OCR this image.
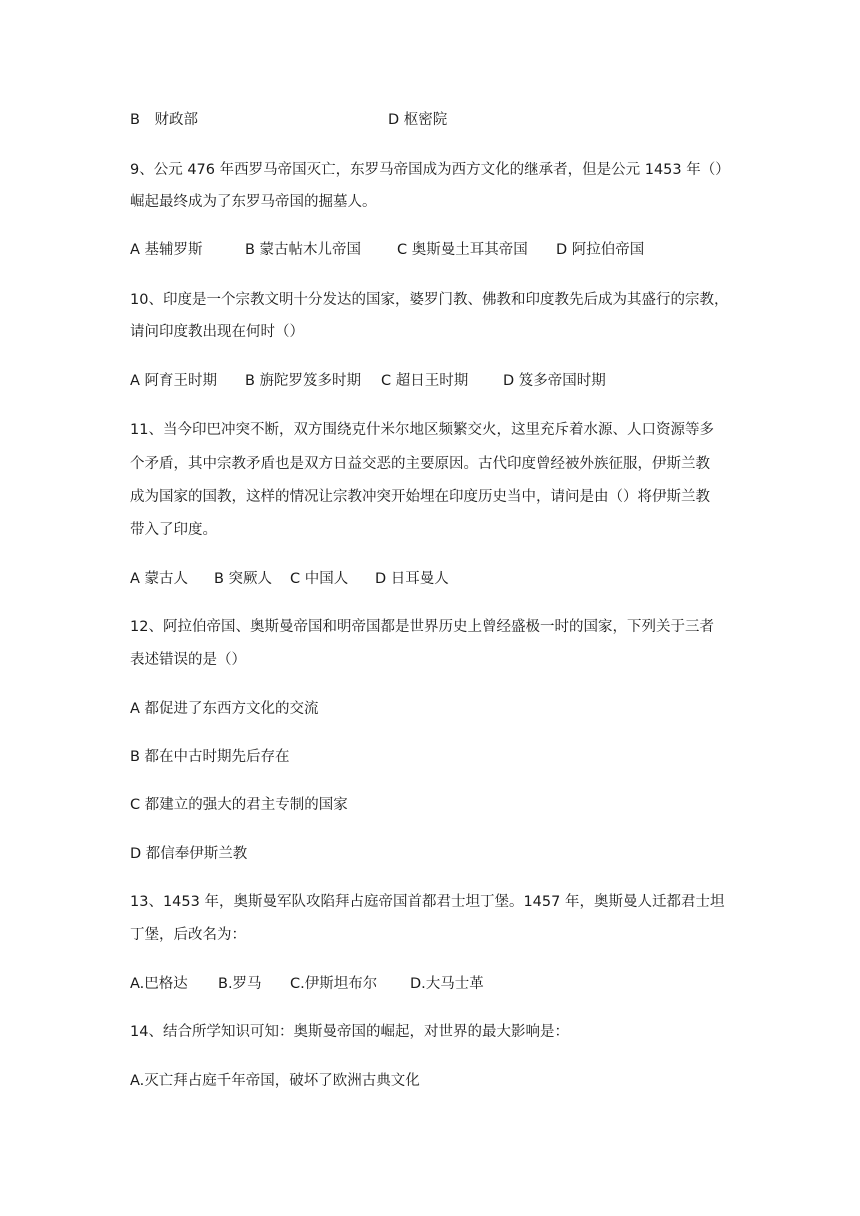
B　财政部	D 枢密院
9、公元 476 年西罗马帝国灭亡，东罗马帝国成为西方文化的继承者，但是公元 1453 年（）
崛起最终成为了东罗马帝国的掘墓人。
A 基辅罗斯	B 蒙古帖木儿帝国 C 奥斯曼土耳其帝国 D 阿拉伯帝国
10、印度是一个宗教文明十分发达的国家，婆罗门教、佛教和印度教先后成为其盛行的宗教，
请问印度教出现在何时（）
A 阿育王时期 B 旃陀罗笈多时期 C 超日王时期 D 笈多帝国时期
11、当今印巴冲突不断，双方围绕克什米尔地区频繁交火，这里充斥着水源、人口资源等多
个矛盾，其中宗教矛盾也是双方日益交恶的主要原因。古代印度曾经被外族征服，伊斯兰教
成为国家的国教，这样的情况让宗教冲突开始埋在印度历史当中，请问是由（）将伊斯兰教
带入了印度。
A 蒙古人 B 突厥人 C 中国人 D 日耳曼人
12、阿拉伯帝国、奥斯曼帝国和明帝国都是世界历史上曾经盛极一时的国家，下列关于三者
表述错误的是（）
A 都促进了东西方文化的交流
B 都在中古时期先后存在
C 都建立的强大的君主专制的国家
D 都信奉伊斯兰教
13、1453 年，奥斯曼军队攻陷拜占庭帝国首都君士坦丁堡。1457 年，奥斯曼人迁都君士坦
丁堡，后改名为：
A.巴格达 B.罗马 C.伊斯坦布尔 D.大马士革
14、结合所学知识可知：奥斯曼帝国的崛起，对世界的最大影响是：
A.灭亡拜占庭千年帝国，破坏了欧洲古典文化
